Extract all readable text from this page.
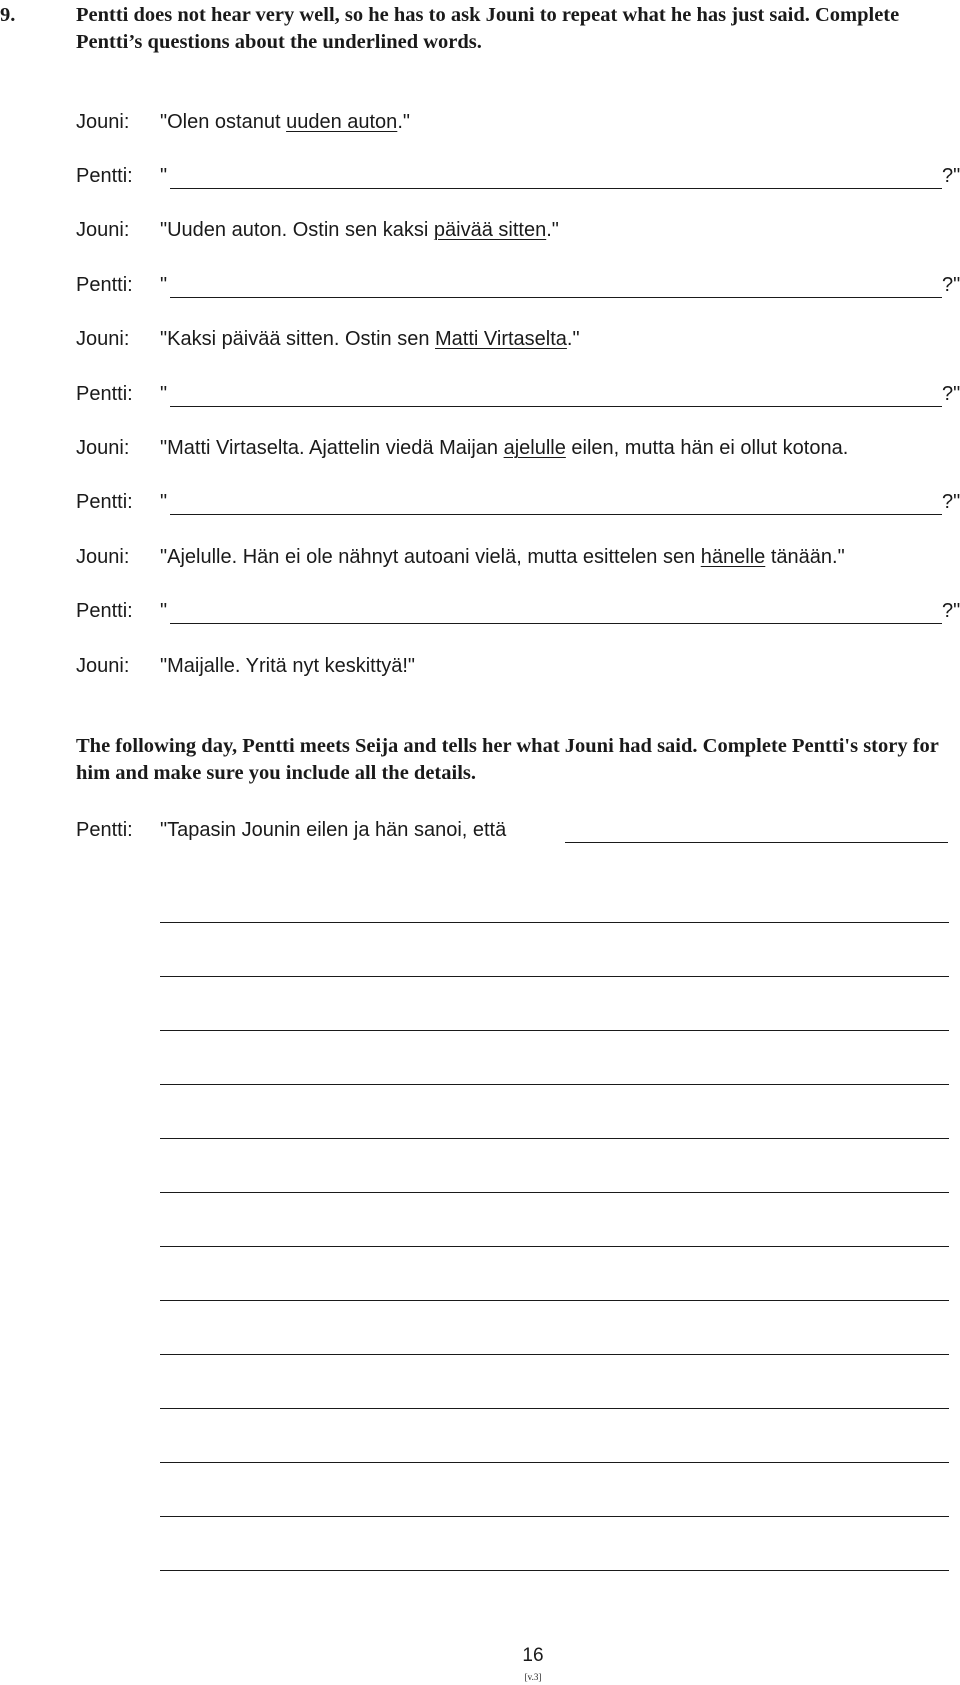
9.	Pentti does not hear very well, so he has to ask Jouni to repeat what he has just said. Complete Pentti’s questions about the underlined words.
Jouni: "Olen ostanut uuden auton."
Pentti: "	?"
Jouni: "Uuden auton. Ostin sen kaksi päivää sitten."
Pentti: "	?"
Jouni: "Kaksi päivää sitten. Ostin sen Matti Virtaselta."
Pentti: "	?"
Jouni: "Matti Virtaselta. Ajattelin viedä Maijan ajelulle eilen, mutta hän ei ollut kotona.
Pentti: "	?"
Jouni: "Ajelulle. Hän ei ole nähnyt autoani vielä, mutta esittelen sen hänelle tänään."
Pentti: "	?"
Jouni: "Maijalle. Yritä nyt keskittyä!"
The following day, Pentti meets Seija and tells her what Jouni had said. Complete Pentti's story for him and make sure you include all the details.
Pentti: "Tapasin Jounin eilen ja hän sanoi, että
16
[v.3]
